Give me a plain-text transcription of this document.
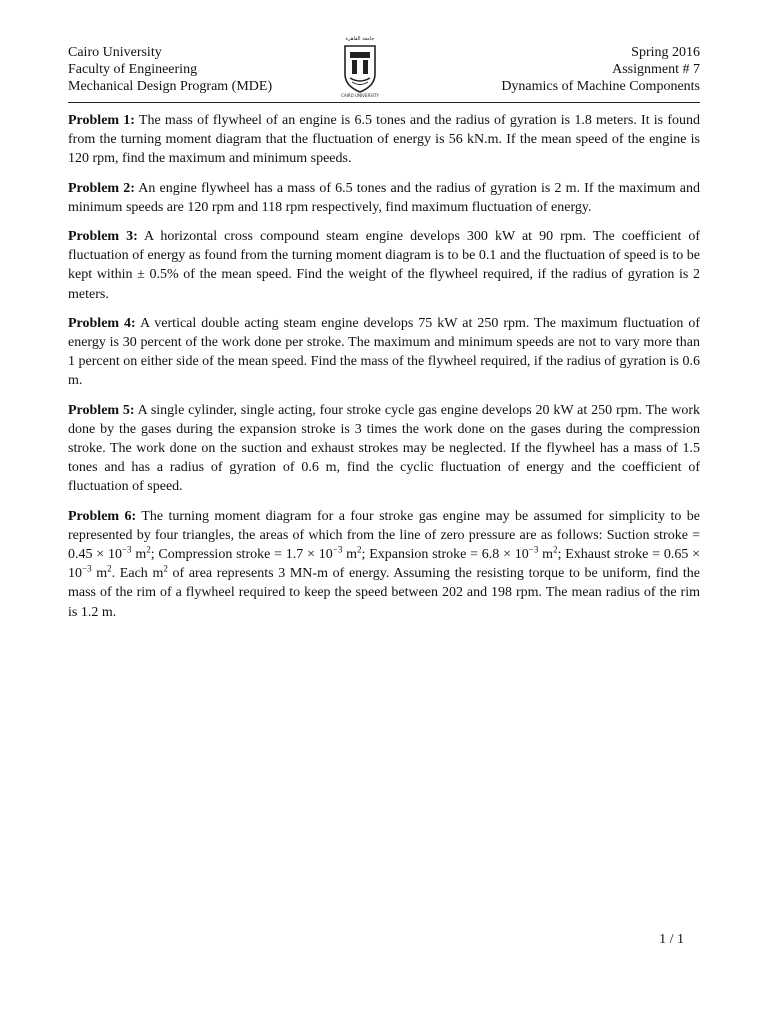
Cairo University
Faculty of Engineering
Mechanical Design Program (MDE)
جامعة القاهرة
CAIRO UNIVERSITY
Spring 2016
Assignment # 7
Dynamics of Machine Components

Problem 1: The mass of flywheel of an engine is 6.5 tones and the radius of gyration is 1.8 meters. It is found from the turning moment diagram that the fluctuation of energy is 56 kN.m. If the mean speed of the engine is 120 rpm, find the maximum and minimum speeds.

Problem 2: An engine flywheel has a mass of 6.5 tones and the radius of gyration is 2 m. If the maximum and minimum speeds are 120 rpm and 118 rpm respectively, find maximum fluctuation of energy.

Problem 3: A horizontal cross compound steam engine develops 300 kW at 90 rpm. The coefficient of fluctuation of energy as found from the turning moment diagram is to be 0.1 and the fluctuation of speed is to be kept within ± 0.5% of the mean speed. Find the weight of the flywheel required, if the radius of gyration is 2 meters.

Problem 4: A vertical double acting steam engine develops 75 kW at 250 rpm. The maximum fluctuation of energy is 30 percent of the work done per stroke. The maximum and minimum speeds are not to vary more than 1 percent on either side of the mean speed. Find the mass of the flywheel required, if the radius of gyration is 0.6 m.

Problem 5: A single cylinder, single acting, four stroke cycle gas engine develops 20 kW at 250 rpm. The work done by the gases during the expansion stroke is 3 times the work done on the gases during the compression stroke. The work done on the suction and exhaust strokes may be neglected. If the flywheel has a mass of 1.5 tones and has a radius of gyration of 0.6 m, find the cyclic fluctuation of energy and the coefficient of fluctuation of speed.

Problem 6: The turning moment diagram for a four stroke gas engine may be assumed for simplicity to be represented by four triangles, the areas of which from the line of zero pressure are as follows: Suction stroke = $0.45 \times 10^{-3}$ $m^2$; Compression stroke = $1.7 \times 10^{-3}$ $m^2$; Expansion stroke = $6.8 \times 10^{-3}$ $m^2$; Exhaust stroke = $0.65 \times 10^{-3}$ $m^2$. Each $m^2$ of area represents 3 MN-m of energy. Assuming the resisting torque to be uniform, find the mass of the rim of a flywheel required to keep the speed between 202 and 198 rpm. The mean radius of the rim is 1.2 m.

1 / 1
